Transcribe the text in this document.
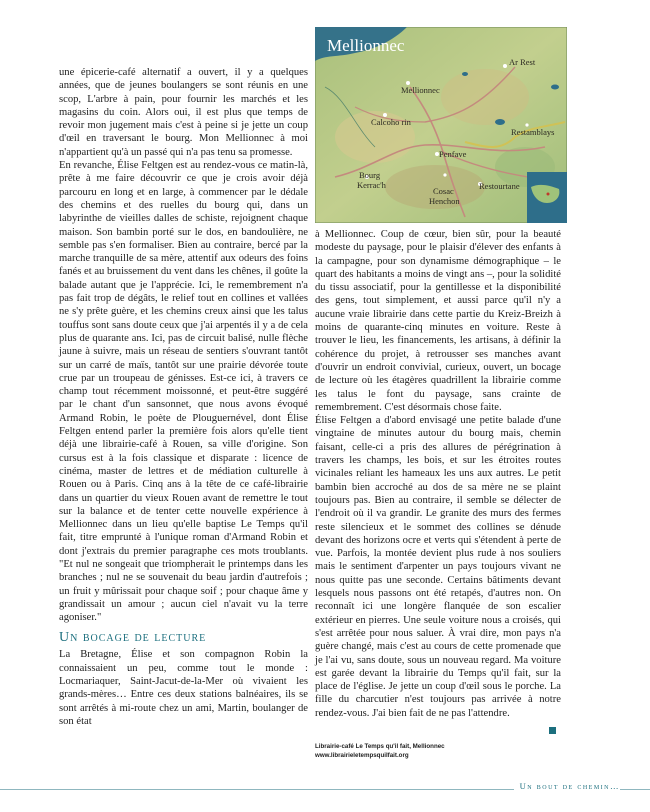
Mellionnec
Ar Rest
Mellionnec
Calcoho rin
Restamblays
Penfave
Bourg
Kerrac'h
Cosac
Henchon
Restourtane

une épicerie-café alternatif a ouvert, il y a quelques années, que de jeunes boulangers se sont réunis en une scop, L'arbre à pain, pour fournir les marchés et les magasins du coin. Alors oui, il est plus que temps de revoir mon jugement mais c'est à peine si je jette un coup d'œil en traversant le bourg. Mon Mellionnec à moi n'appartient qu'à un passé qui n'a pas tenu sa promesse.

En revanche, Élise Feltgen est au rendez-vous ce matin-là, prête à me faire découvrir ce que je crois avoir déjà parcouru en long et en large, à commencer par le dédale des chemins et des ruelles du bourg qui, dans un labyrinthe de vieilles dalles de schiste, rejoignent chaque maison. Son bambin porté sur le dos, en bandoulière, ne semble pas s'en formaliser. Bien au contraire, bercé par la marche tranquille de sa mère, attentif aux odeurs des foins fanés et au bruissement du vent dans les chênes, il goûte la balade autant que je l'apprécie. Ici, le remembrement n'a pas fait trop de dégâts, le relief tout en collines et vallées ne s'y prête guère, et les chemins creux ainsi que les talus touffus sont sans doute ceux que j'ai arpentés il y a de cela plus de quarante ans. Ici, pas de circuit balisé, nulle flèche jaune à suivre, mais un réseau de sentiers s'ouvrant tantôt sur un carré de maïs, tantôt sur une prairie dévorée toute crue par un troupeau de génisses. Est-ce ici, à travers ce champ tout récemment moissonné, et peut-être suggéré par le chant d'un sansonnet, que nous avons évoqué Armand Robin, le poète de Plouguernével, dont Élise Feltgen entend parler la première fois alors qu'elle tient déjà une librairie-café à Rouen, sa ville d'origine. Son cursus est à la fois classique et disparate : licence de cinéma, master de lettres et de médiation culturelle à Rouen ou à Paris. Cinq ans à la tête de ce café-librairie dans un quartier du vieux Rouen avant de remettre le tout sur la balance et de tenter cette nouvelle expérience à Mellionnec dans un lieu qu'elle baptise Le Temps qu'il fait, titre emprunté à l'unique roman d'Armand Robin et dont j'extrais du premier paragraphe ces mots troublants. "Et nul ne songeait que triompherait le printemps dans les branches ; nul ne se souvenait du beau jardin d'autrefois ; un fruit y mûrissait pour chaque soif ; pour chaque âme y grandissait un amour ; aucun ciel n'avait vu la terre agoniser."

Un bocage de lecture

La Bretagne, Élise et son compagnon Robin la connaissaient un peu, comme tout le monde : Locmariaquer, Saint-Jacut-de-la-Mer où vivaient les grands-mères… Entre ces deux stations balnéaires, ils se sont arrêtés à mi-route chez un ami, Martin, boulanger de son état

à Mellionnec. Coup de cœur, bien sûr, pour la beauté modeste du paysage, pour le plaisir d'élever des enfants à la campagne, pour son dynamisme démographique – le quart des habitants a moins de vingt ans –, pour la solidité du tissu associatif, pour la gentillesse et la disponibilité des gens, tout simplement, et aussi parce qu'il n'y a aucune vraie librairie dans cette partie du Kreiz-Breizh à moins de quarante-cinq minutes en voiture. Reste à trouver le lieu, les financements, les artisans, à définir la cohérence du projet, à retrousser ses manches avant d'ouvrir un endroit convivial, curieux, ouvert, un bocage de lecture où les étagères quadrillent la librairie comme les talus le font du paysage, sans crainte de remembrement. C'est désormais chose faite.

Élise Feltgen a d'abord envisagé une petite balade d'une vingtaine de minutes autour du bourg mais, chemin faisant, celle-ci a pris des allures de pérégrination à travers les champs, les bois, et sur les étroites routes vicinales reliant les hameaux les uns aux autres. Le petit bambin bien accroché au dos de sa mère ne se plaint toujours pas. Bien au contraire, il semble se délecter de l'endroit où il va grandir. Le granite des murs des fermes reste silencieux et le sommet des collines se dénude devant des horizons ocre et verts qui s'étendent à perte de vue. Parfois, la montée devient plus rude à nos souliers mais le sentiment d'arpenter un pays toujours vivant ne nous quitte pas une seconde. Certains bâtiments devant lesquels nous passons ont été retapés, d'autres non. On reconnaît ici une longère flanquée de son escalier extérieur en pierres. Une seule voiture nous a croisés, qui s'est arrêtée pour nous saluer. À vrai dire, mon pays n'a guère changé, mais c'est au cours de cette promenade que je l'ai vu, sans doute, sous un nouveau regard. Ma voiture est garée devant la librairie du Temps qu'il fait, sur la place de l'église. Je jette un coup d'œil sous le porche. La fille du charcutier n'est toujours pas arrivée à notre rendez-vous. J'ai bien fait de ne pas l'attendre.

Librairie-café Le Temps qu'il fait, Mellionnec
www.librairieletempsquilfait.org
Un bout de chemin…
